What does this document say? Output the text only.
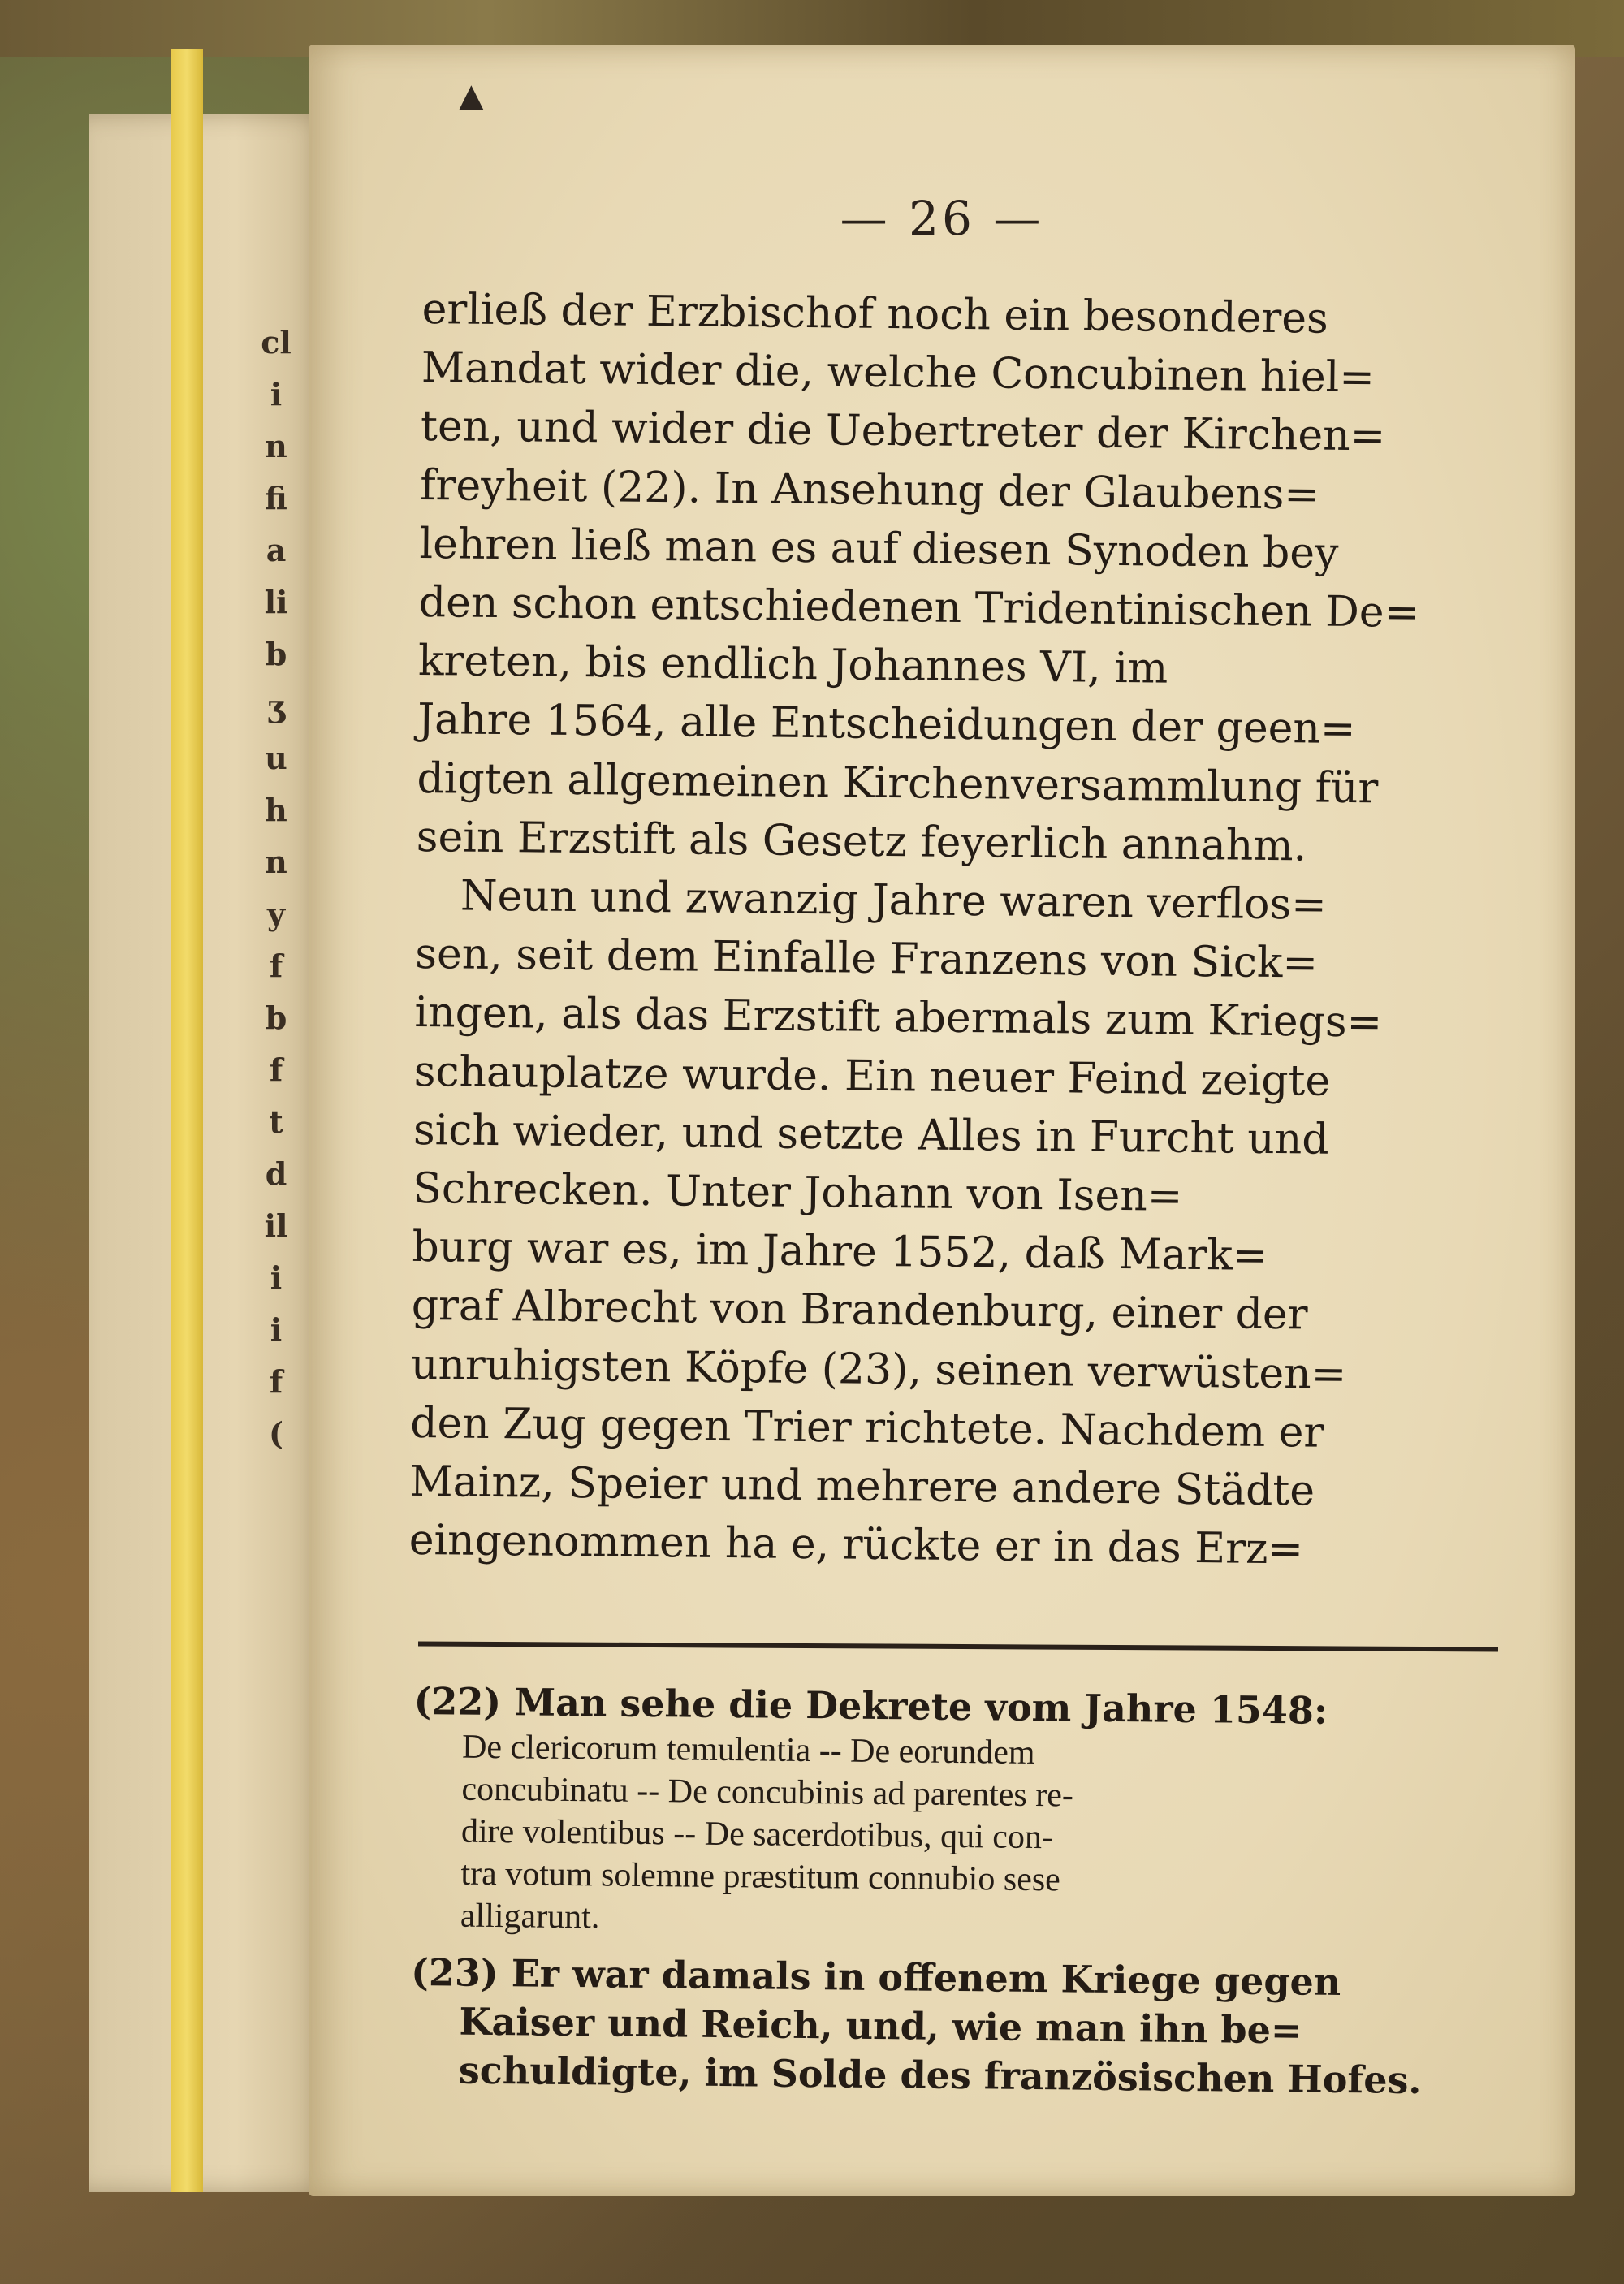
cl
i
n
fi
a
li
b
ʒ
u
h
n
y
f
b
f
t
d
il
i
i
f
(
▲
— 26 —
erließ der Erzbischof noch ein besonderes
Mandat wider die, welche Concubinen hiel=
ten, und wider die Uebertreter der Kirchen=
freyheit (22). In Ansehung der Glaubens=
lehren ließ man es auf diesen Synoden bey
den schon entschiedenen Tridentinischen De=
kreten, bis endlich Johannes VI, im
Jahre 1564, alle Entscheidungen der geen=
digten allgemeinen Kirchenversammlung für
sein Erzstift als Gesetz feyerlich annahm.
Neun und zwanzig Jahre waren verflos=
sen, seit dem Einfalle Franzens von Sick=
ingen, als das Erzstift abermals zum Kriegs=
schauplatze wurde. Ein neuer Feind zeigte
sich wieder, und setzte Alles in Furcht und
Schrecken. Unter Johann von Isen=
burg war es, im Jahre 1552, daß Mark=
graf Albrecht von Brandenburg, einer der
unruhigsten Köpfe (23), seinen verwüsten=
den Zug gegen Trier richtete. Nachdem er
Mainz, Speier und mehrere andere Städte
eingenommen ha e, rückte er in das Erz=
(22) Man sehe die Dekrete vom Jahre 1548:
De clericorum temulentia -- De eorundem
concubinatu -- De concubinis ad parentes re-
dire volentibus -- De sacerdotibus, qui con-
tra votum solemne præstitum connubio sese
alligarunt.
(23) Er war damals in offenem Kriege gegen
Kaiser und Reich, und, wie man ihn be=
schuldigte, im Solde des französischen Hofes.
